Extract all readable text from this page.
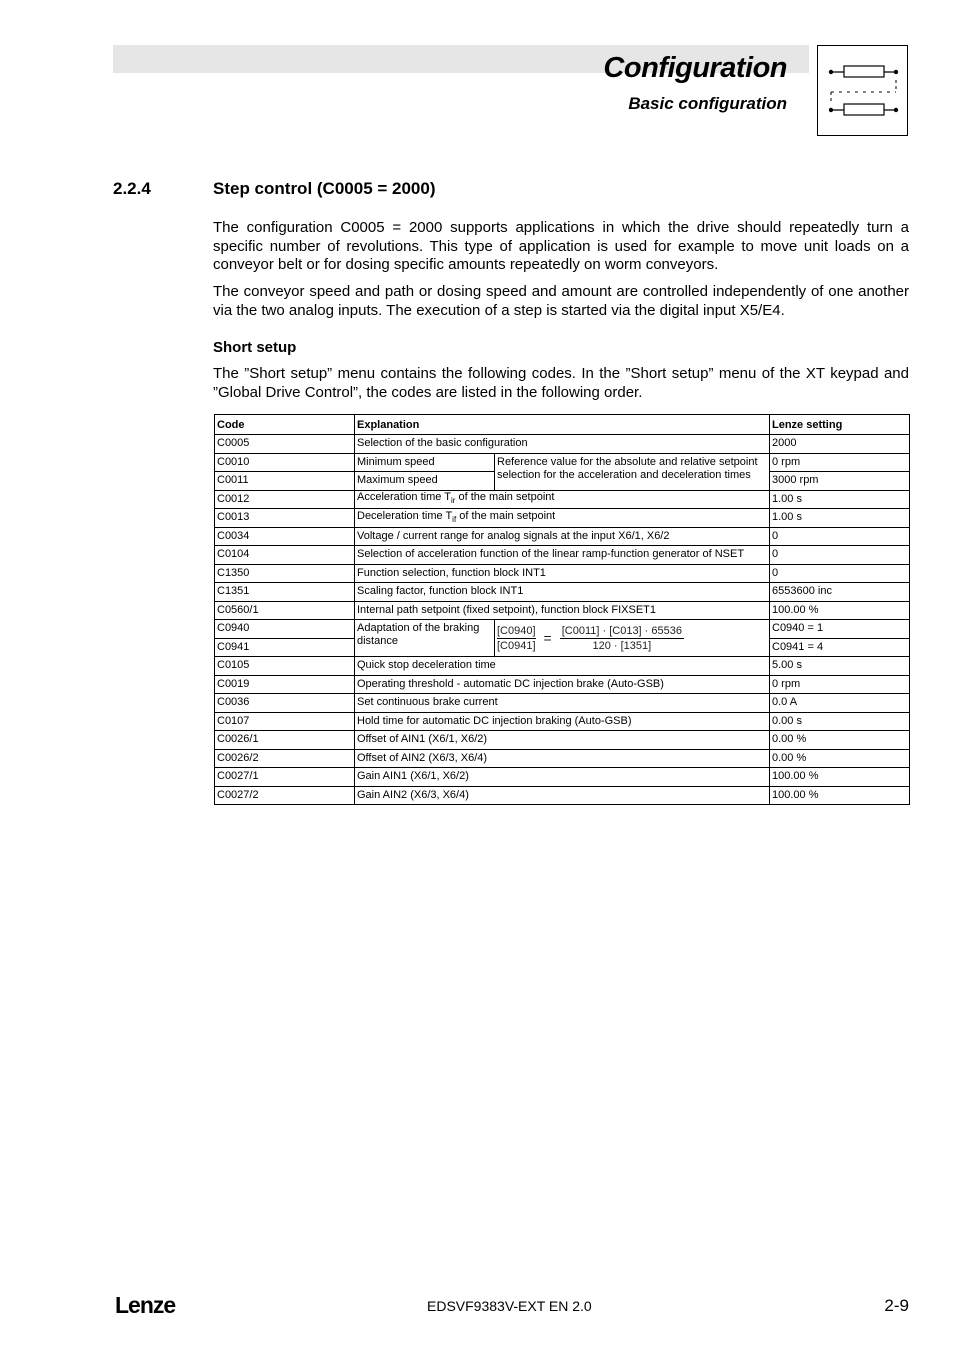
Configuration
Basic configuration
2.2.4	Step control (C0005 = 2000)
The configuration C0005 = 2000 supports applications in which the drive should repeatedly turn a specific number of revolutions. This type of application is used for example to move unit loads on a conveyor belt or for dosing specific amounts repeatedly on worm conveyors.
The conveyor speed and path or dosing speed and amount are controlled independently of one another via the two analog inputs. The execution of a step is started via the digital input X5/E4.
Short setup
The ”Short setup” menu contains the following codes. In the ”Short setup” menu of the XT keypad and ”Global Drive Control”, the codes are listed in the following order.
Code	Explanation		Lenze setting
C0005	Selection of the basic configuration		2000
C0010	Minimum speed	Reference value for the absolute and relative setpoint selection for the acceleration and deceleration times	0 rpm
C0011	Maximum speed		3000 rpm
C0012	Acceleration time $T_{ir}$ of the main setpoint		1.00 s
C0013	Deceleration time $T_{if}$ of the main setpoint		1.00 s
C0034	Voltage / current range for analog signals at the input X6/1, X6/2		0
C0104	Selection of acceleration function of the linear ramp-function generator of NSET		0
C1350	Function selection, function block INT1		0
C1351	Scaling factor, function block INT1		6553600 inc
C0560/1	Internal path setpoint (fixed setpoint), function block FIXSET1		100.00 %
C0940	Adaptation of the braking distance	$\frac{[C0940]}{[C0941]} = \frac{[C0011] \cdot [C013] \cdot 65536}{120 \cdot [1351]}$	C0940 = 1
C0941			C0941 = 4
C0105	Quick stop deceleration time		5.00 s
C0019	Operating threshold - automatic DC injection brake (Auto-GSB)		0 rpm
C0036	Set continuous brake current		0.0 A
C0107	Hold time for automatic DC injection braking (Auto-GSB)		0.00 s
C0026/1	Offset of AIN1 (X6/1, X6/2)		0.00 %
C0026/2	Offset of AIN2 (X6/3, X6/4)		0.00 %
C0027/1	Gain AIN1 (X6/1, X6/2)		100.00 %
C0027/2	Gain AIN2 (X6/3, X6/4)		100.00 %
Lenze	EDSVF9383V-EXT EN 2.0	2-9
